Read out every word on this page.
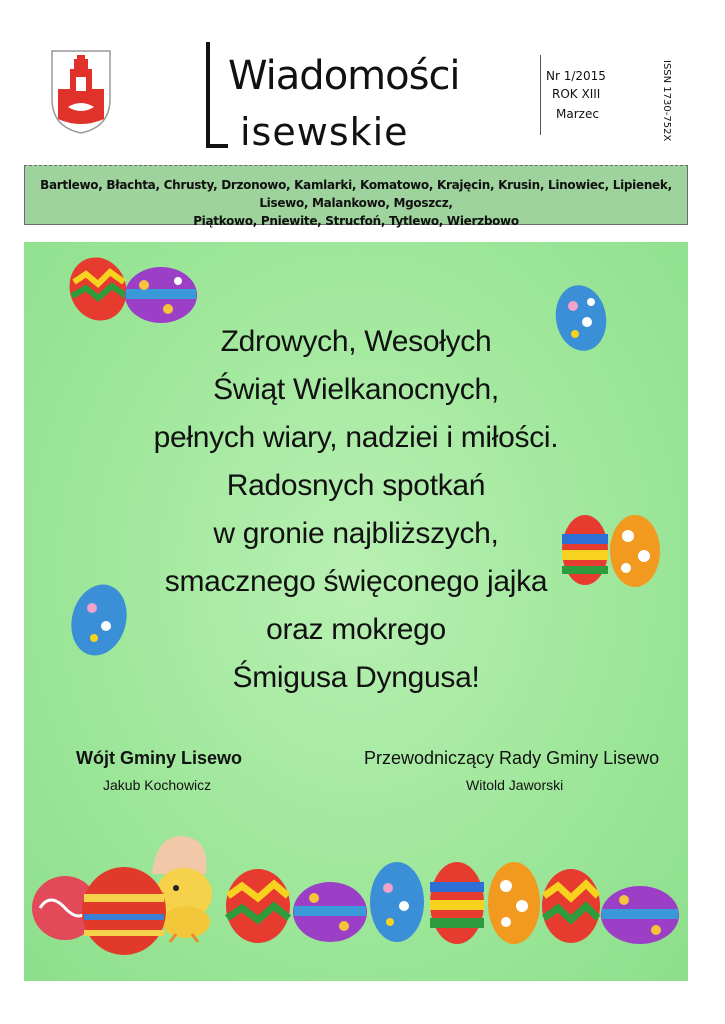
Wiadomości
isewskie
Nr 1/2015
ROK XIII
Marzec	ISSN 1730-752X
Bartlewo, Błachta, Chrusty, Drzonowo, Kamlarki, Komatowo, Krajęcin, Krusin, Linowiec, Lipienek, Lisewo, Malankowo, Mgoszcz,
Piątkowo, Pniewite, Strucfoń, Tytlewo, Wierzbowo
Zdrowych, Wesołych
Świąt Wielkanocnych,
pełnych wiary, nadziei i miłości.
Radosnych spotkań
w gronie najbliższych,
smacznego święconego jajka
oraz mokrego
Śmigusa Dyngusa!
Wójt Gminy Lisewo
Jakub Kochowicz
Przewodniczący Rady Gminy Lisewo
Witold Jaworski
